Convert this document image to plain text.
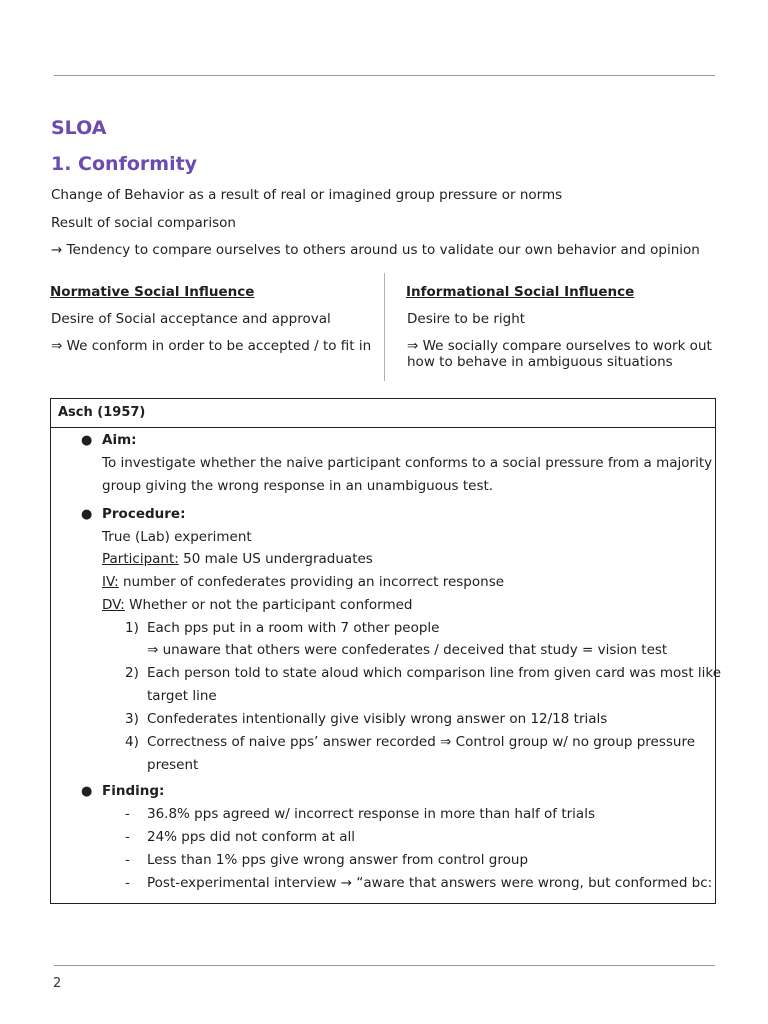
SLOA
1. Conformity
Change of Behavior as a result of real or imagined group pressure or norms
Result of social comparison
→ Tendency to compare ourselves to others around us to validate our own behavior and opinion
Normative Social Influence
Desire of Social acceptance and approval
⇒ We conform in order to be accepted / to fit in
Informational Social Influence
Desire to be right
⇒ We socially compare ourselves to work out
how to behave in ambiguous situations
Asch (1957)
● Aim:
To investigate whether the naive participant conforms to a social pressure from a majority
group giving the wrong response in an unambiguous test.
● Procedure:
True (Lab) experiment
Participant: 50 male US undergraduates
IV: number of confederates providing an incorrect response
DV: Whether or not the participant conformed
1) Each pps put in a room with 7 other people
⇒ unaware that others were confederates / deceived that study = vision test
2) Each person told to state aloud which comparison line from given card was most like
target line
3) Confederates intentionally give visibly wrong answer on 12/18 trials
4) Correctness of naive pps’ answer recorded ⇒ Control group w/ no group pressure
present
● Finding:
- 36.8% pps agreed w/ incorrect response in more than half of trials
- 24% pps did not conform at all
- Less than 1% pps give wrong answer from control group
- Post-experimental interview → “aware that answers were wrong, but conformed bc:
2
